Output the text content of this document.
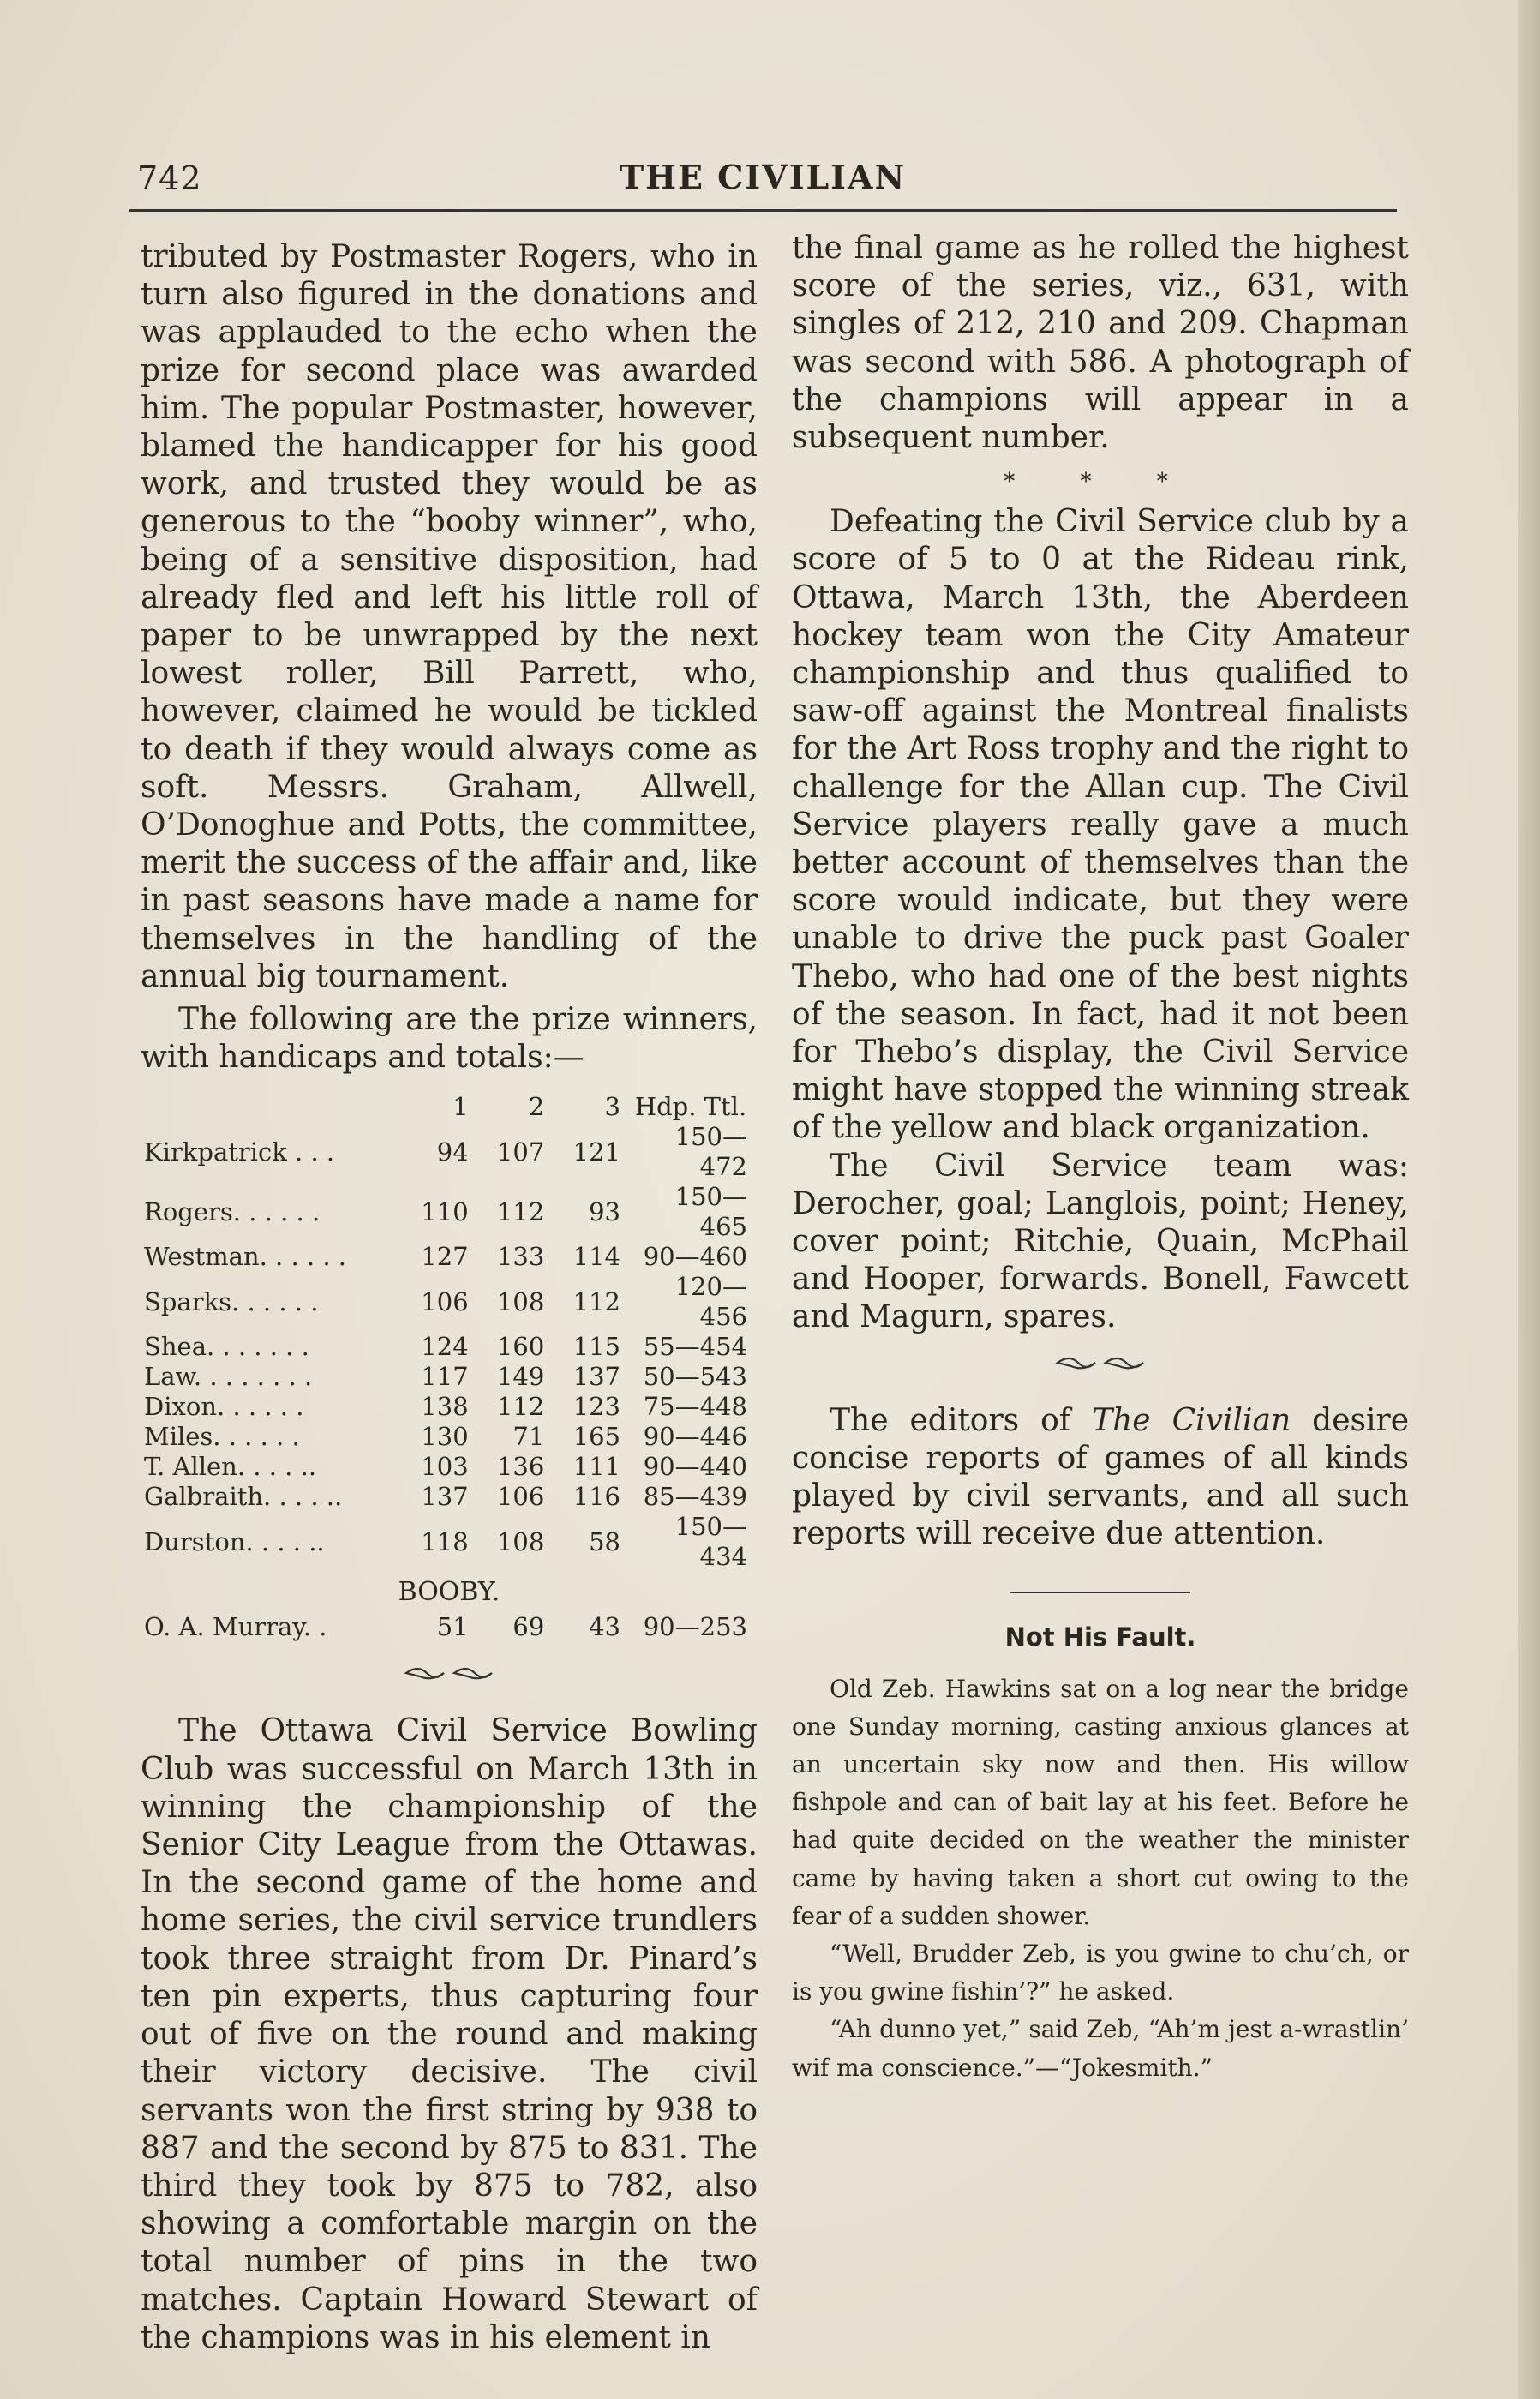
742	THE CIVILIAN

tributed by Postmaster Rogers, who in turn also figured in the donations and was applauded to the echo when the prize for second place was awarded him. The popular Postmaster, however, blamed the handicapper for his good work, and trusted they would be as generous to the “booby winner”, who, being of a sensitive disposition, had already fled and left his little roll of paper to be unwrapped by the next lowest roller, Bill Parrett, who, however, claimed he would be tickled to death if they would always come as soft. Messrs. Graham, Allwell, O’Donoghue and Potts, the committee, merit the success of the affair and, like in past seasons have made a name for themselves in the handling of the annual big tournament.

The following are the prize winners, with handicaps and totals:—

	1	2	3	Hdp. Ttl.
Kirkpatrick . . .	94	107	121	150—472
Rogers. . . . . .	110	112	93	150—465
Westman. . . . . .	127	133	114	90—460
Sparks. . . . . .	106	108	112	120—456
Shea. . . . . . .	124	160	115	55—454
Law. . . . . . . .	117	149	137	50—543
Dixon. . . . . .	138	112	123	75—448
Miles. . . . . .	130	71	165	90—446
T. Allen. . . . ..	103	136	111	90—440
Galbraith. . . . ..	137	106	116	85—439
Durston. . . . ..	118	108	58	150—434
BOOBY.
O. A. Murray. .	51	69	43	90—253

The Ottawa Civil Service Bowling Club was successful on March 13th in winning the championship of the Senior City League from the Ottawas. In the second game of the home and home series, the civil service trundlers took three straight from Dr. Pinard’s ten pin experts, thus capturing four out of five on the round and making their victory decisive. The civil servants won the first string by 938 to 887 and the second by 875 to 831. The third they took by 875 to 782, also showing a comfortable margin on the total number of pins in the two matches. Captain Howard Stewart of the champions was in his element in

the final game as he rolled the highest score of the series, viz., 631, with singles of 212, 210 and 209. Chapman was second with 586. A photograph of the champions will appear in a subsequent number.

* * *

Defeating the Civil Service club by a score of 5 to 0 at the Rideau rink, Ottawa, March 13th, the Aberdeen hockey team won the City Amateur championship and thus qualified to saw-off against the Montreal finalists for the Art Ross trophy and the right to challenge for the Allan cup. The Civil Service players really gave a much better account of themselves than the score would indicate, but they were unable to drive the puck past Goaler Thebo, who had one of the best nights of the season. In fact, had it not been for Thebo’s display, the Civil Service might have stopped the winning streak of the yellow and black organization.

The Civil Service team was: Derocher, goal; Langlois, point; Heney, cover point; Ritchie, Quain, McPhail and Hooper, forwards. Bonell, Fawcett and Magurn, spares.

The editors of The Civilian desire concise reports of games of all kinds played by civil servants, and all such reports will receive due attention.

Not His Fault.

Old Zeb. Hawkins sat on a log near the bridge one Sunday morning, casting anxious glances at an uncertain sky now and then. His willow fishpole and can of bait lay at his feet. Before he had quite decided on the weather the minister came by having taken a short cut owing to the fear of a sudden shower.

“Well, Brudder Zeb, is you gwine to chu’ch, or is you gwine fishin’?” he asked.

“Ah dunno yet,” said Zeb, “Ah’m jest a-wrastlin’ wif ma conscience.”—“Jokesmith.”
